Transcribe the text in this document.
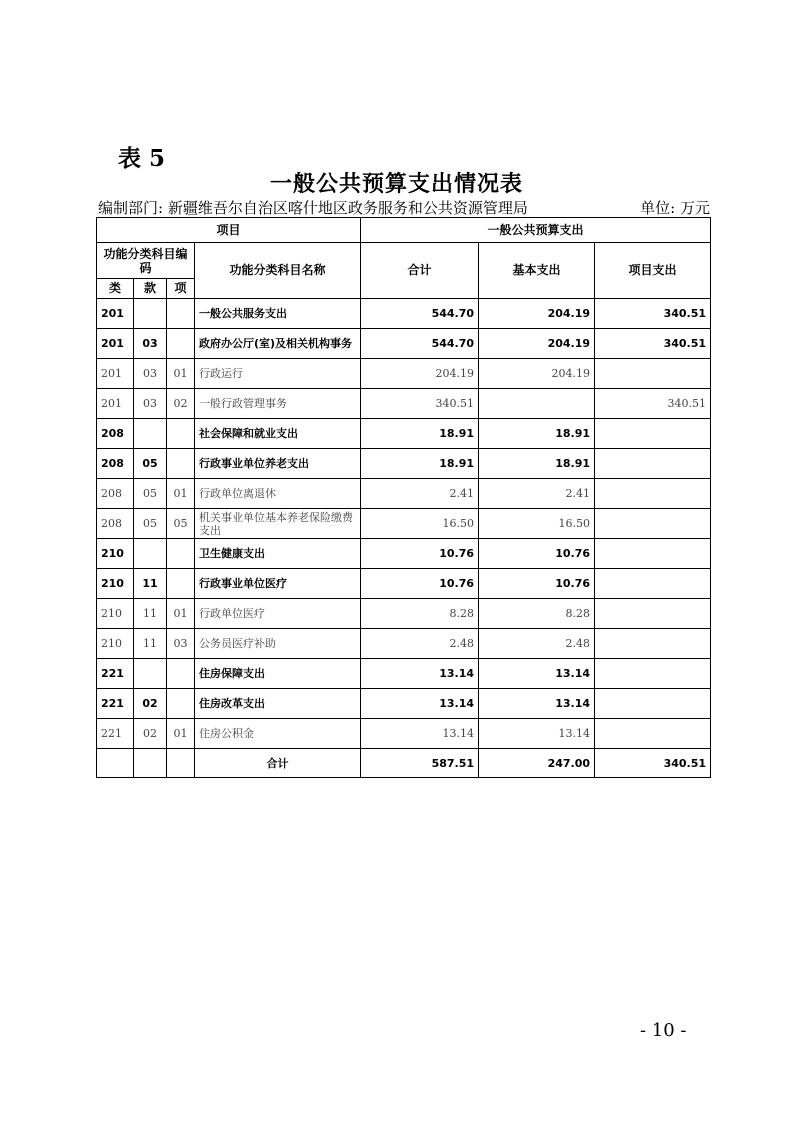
表 5
一般公共预算支出情况表
编制部门: 新疆维吾尔自治区喀什地区政务服务和公共资源管理局	单位: 万元
项目				一般公共预算支出		
功能分类科目编码			功能分类科目名称	合计	基本支出	项目支出
类	款	项				
201			一般公共服务支出	544.70	204.19	340.51
201	03		政府办公厅(室)及相关机构事务	544.70	204.19	340.51
201	03	01	行政运行	204.19	204.19	
201	03	02	一般行政管理事务	340.51		340.51
208			社会保障和就业支出	18.91	18.91	
208	05		行政事业单位养老支出	18.91	18.91	
208	05	01	行政单位离退休	2.41	2.41	
208	05	05	机关事业单位基本养老保险缴费支出	16.50	16.50	
210			卫生健康支出	10.76	10.76	
210	11		行政事业单位医疗	10.76	10.76	
210	11	01	行政单位医疗	8.28	8.28	
210	11	03	公务员医疗补助	2.48	2.48	
221			住房保障支出	13.14	13.14	
221	02		住房改革支出	13.14	13.14	
221	02	01	住房公积金	13.14	13.14	
			合计	587.51	247.00	340.51
- 10 -
